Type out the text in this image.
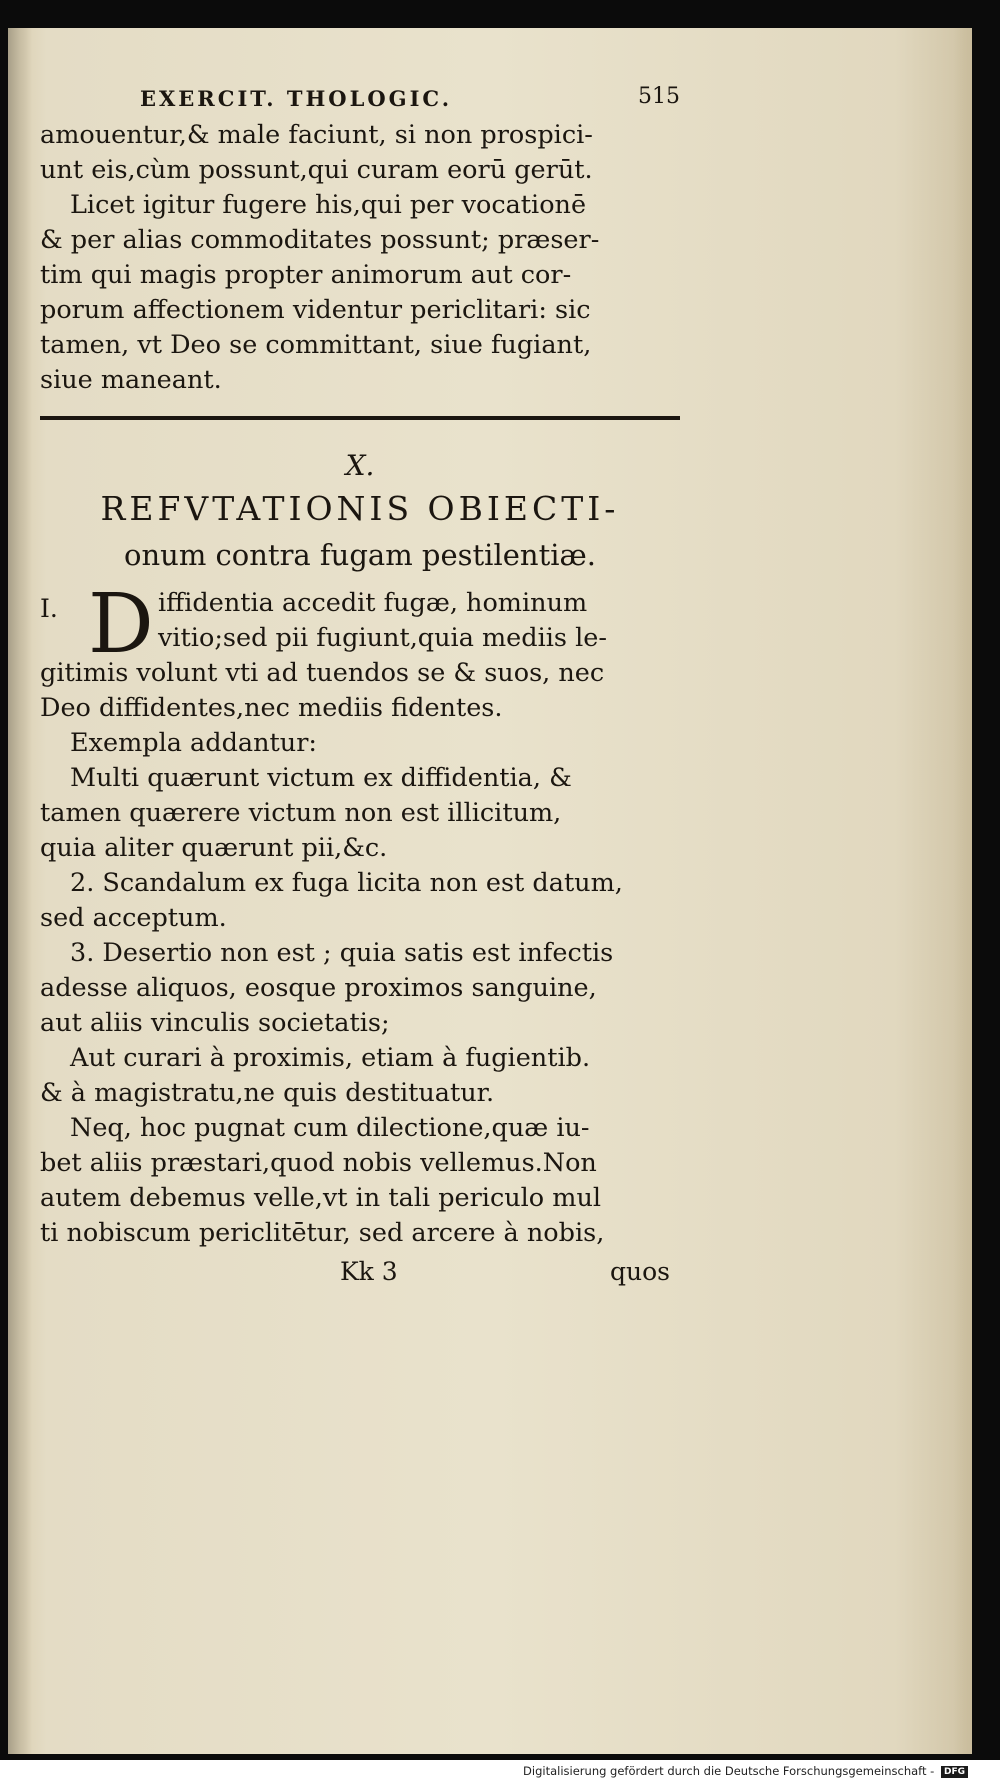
EXERCIT. THOLOGIC.	515
amouentur,& male faciunt, si non prospici-
unt eis,cùm possunt,qui curam eorū gerūt.
Licet igitur fugere his,qui per vocationē
& per alias commoditates possunt; præser-
tim qui magis propter animorum aut cor-
porum affectionem videntur periclitari: sic
tamen, vt Deo se committant, siue fugiant,
siue maneant.
X.
REFVTATIONIS OBIECTI-
onum contra fugam pestilentiæ.
I. D iffidentia accedit fugæ, hominum
vitio;sed pii fugiunt,quia mediis le-
gitimis volunt vti ad tuendos se & suos, nec
Deo diffidentes,nec mediis fidentes.
Exempla addantur:
Multi quærunt victum ex diffidentia, &
tamen quærere victum non est illicitum,
quia aliter quærunt pii,&c.
2. Scandalum ex fuga licita non est datum,
sed acceptum.
3. Desertio non est ; quia satis est infectis
adesse aliquos, eosque proximos sanguine,
aut aliis vinculis societatis;
Aut curari à proximis, etiam à fugientib.
& à magistratu,ne quis destituatur.
Neq, hoc pugnat cum dilectione,quæ iu-
bet aliis præstari,quod nobis vellemus.Non
autem debemus velle,vt in tali periculo mul
ti nobiscum periclitētur, sed arcere à nobis,
Kk 3	quos
Digitalisierung gefördert durch die Deutsche Forschungsgemeinschaft - DFG
